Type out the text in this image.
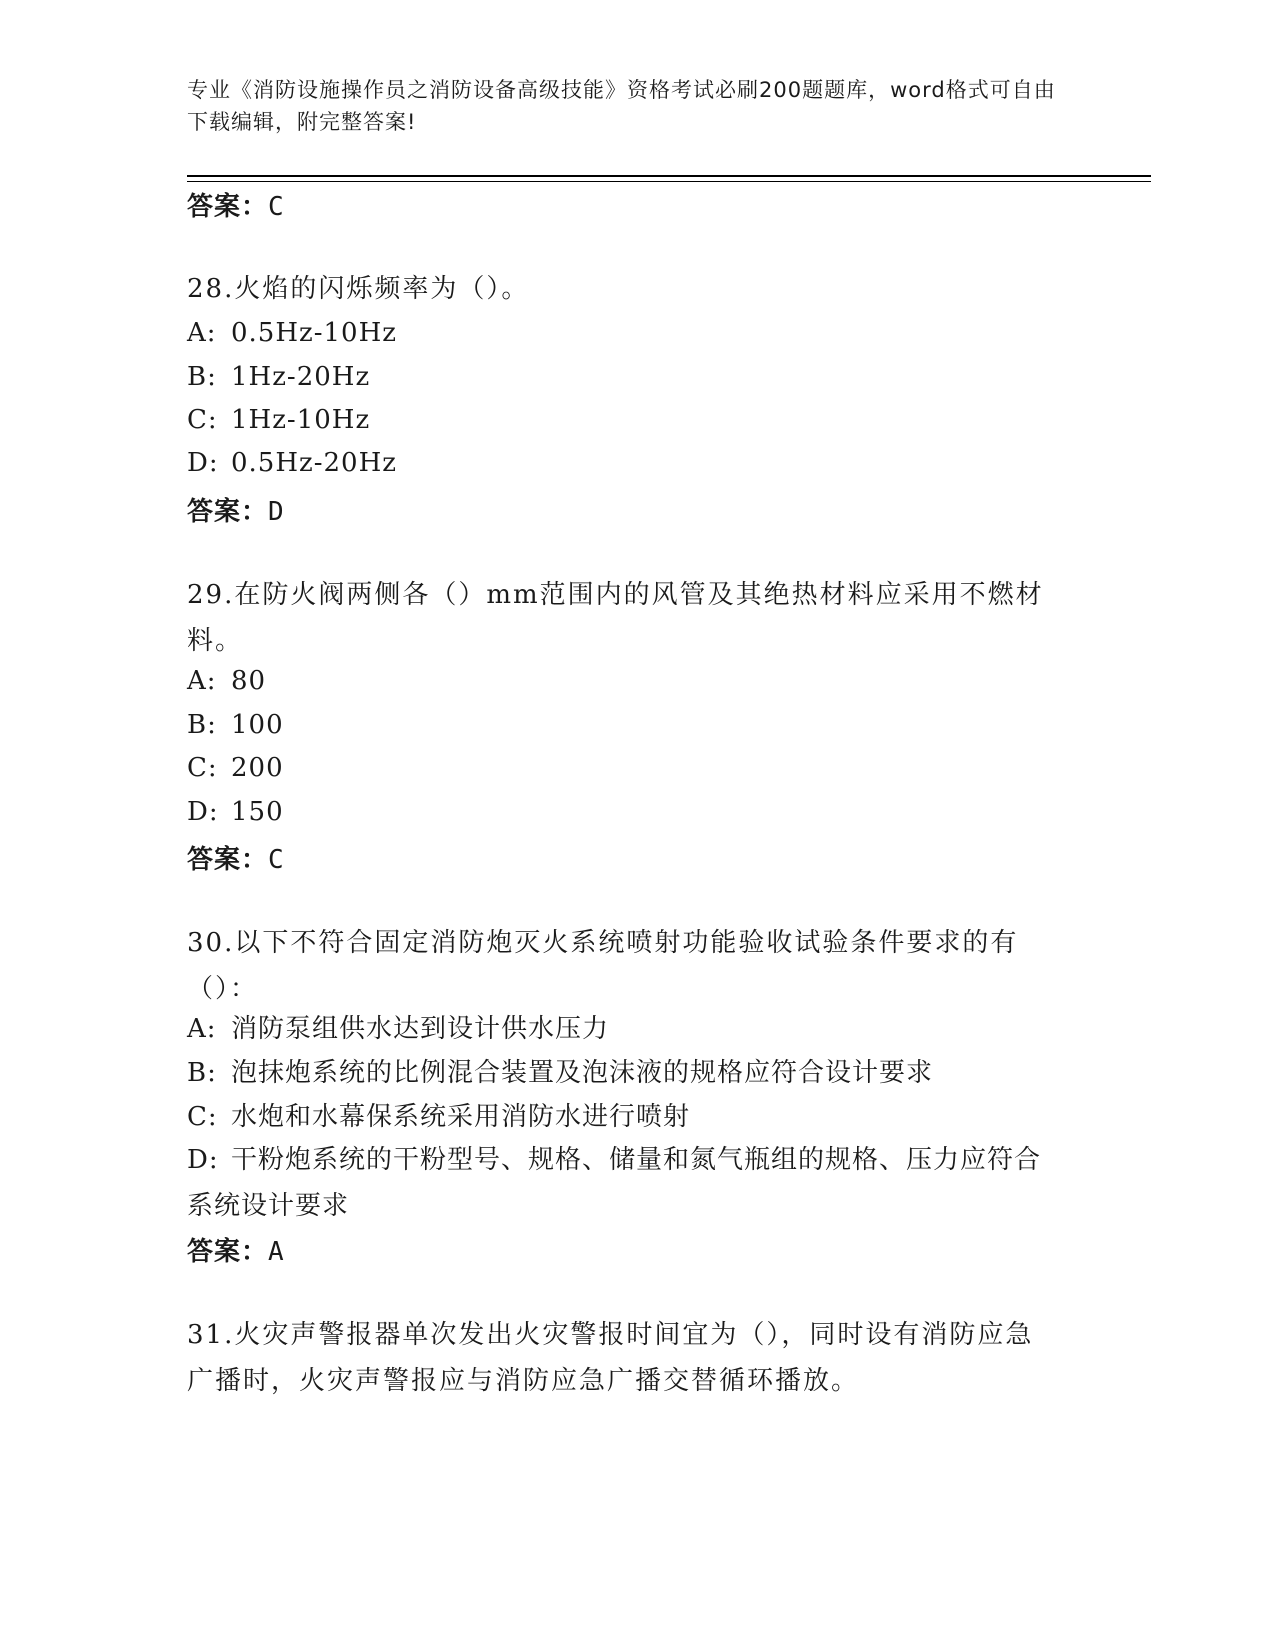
专业《消防设施操作员之消防设备高级技能》资格考试必刷200题题库，word格式可自由下载编辑，附完整答案!
答案：C
28.火焰的闪烁频率为（）。
A: 0.5Hz-10Hz
B: 1Hz-20Hz
C: 1Hz-10Hz
D: 0.5Hz-20Hz
答案：D
29.在防火阀两侧各（）mm范围内的风管及其绝热材料应采用不燃材料。
A: 80
B: 100
C: 200
D: 150
答案：C
30.以下不符合固定消防炮灭火系统喷射功能验收试验条件要求的有（）：
A: 消防泵组供水达到设计供水压力
B: 泡抹炮系统的比例混合装置及泡沫液的规格应符合设计要求
C: 水炮和水幕保系统采用消防水进行喷射
D: 干粉炮系统的干粉型号、规格、储量和氮气瓶组的规格、压力应符合系统设计要求
答案：A
31.火灾声警报器单次发出火灾警报时间宜为（），同时设有消防应急广播时，火灾声警报应与消防应急广播交替循环播放。
